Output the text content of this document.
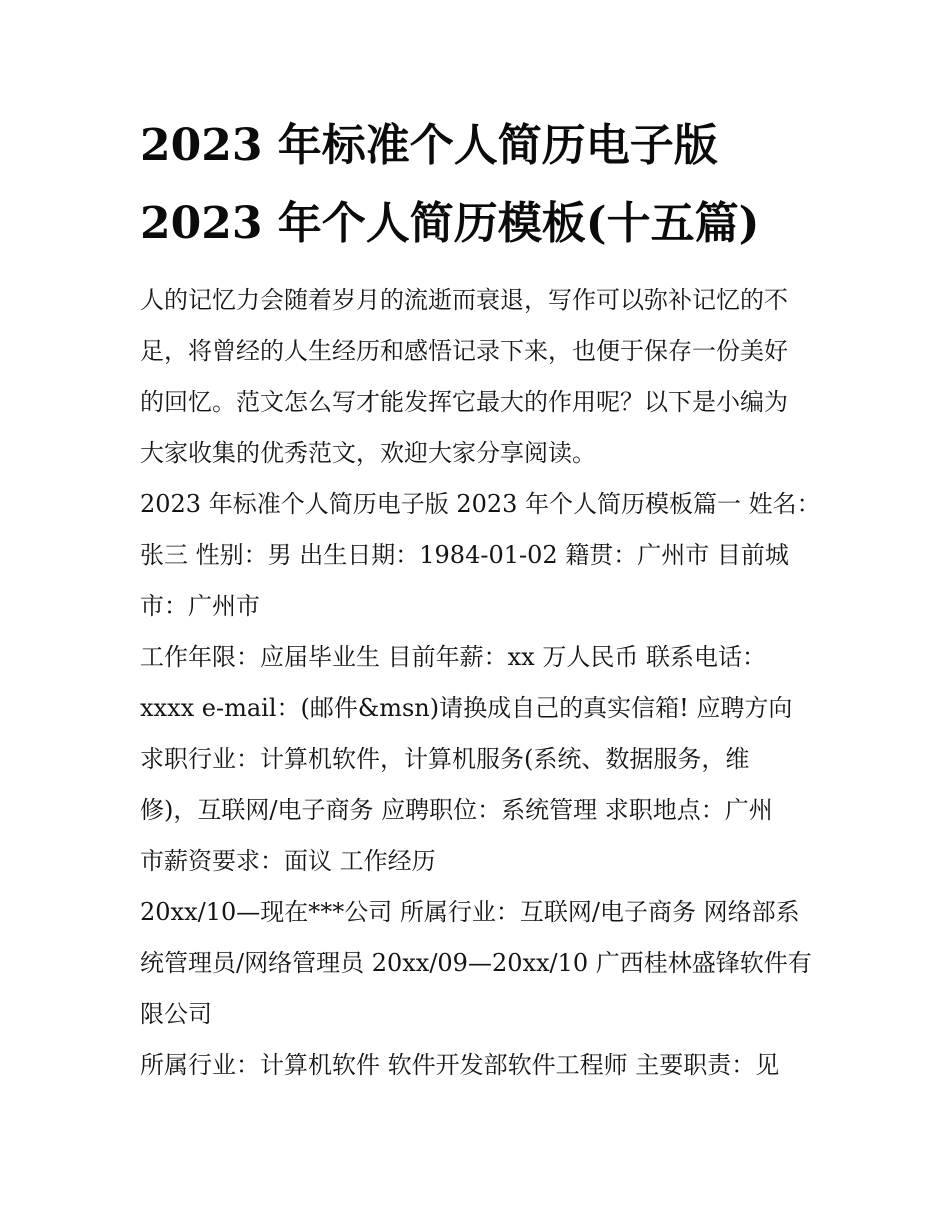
2023 年标准个人简历电子版
2023 年个人简历模板(十五篇)

人的记忆力会随着岁月的流逝而衰退，写作可以弥补记忆的不

足，将曾经的人生经历和感悟记录下来，也便于保存一份美好

的回忆。范文怎么写才能发挥它最大的作用呢？以下是小编为

大家收集的优秀范文，欢迎大家分享阅读。

2023 年标准个人简历电子版 2023 年个人简历模板篇一 姓名：

张三 性别：男 出生日期：1984-01-02 籍贯：广州市 目前城

市：广州市

工作年限：应届毕业生 目前年薪：xx 万人民币 联系电话：

xxxx e-mail：(邮件&msn)请换成自己的真实信箱! 应聘方向

求职行业：计算机软件，计算机服务(系统、数据服务，维

修)，互联网/电子商务 应聘职位：系统管理 求职地点：广州

市薪资要求：面议 工作经历

20xx/10—现在***公司 所属行业：互联网/电子商务 网络部系

统管理员/网络管理员 20xx/09—20xx/10 广西桂林盛锋软件有

限公司

所属行业：计算机软件 软件开发部软件工程师 主要职责：见
